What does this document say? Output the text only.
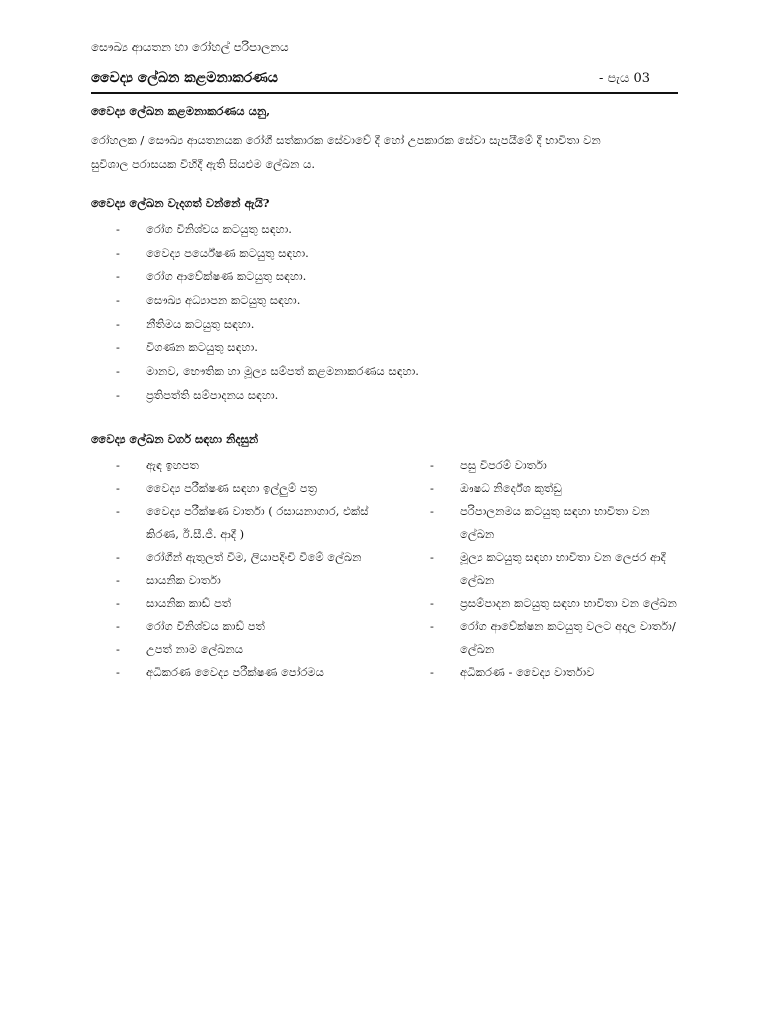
සෞඛ්‍ය ආයතන හා රෝහල් පරිපාලනය
වෛද්‍ය ලේඛන කළමනාකරණය	- පැය 03
වෛද්‍ය ලේඛන කළමනාකරණය යනු,

රෝහලක / සෞඛ්‍ය ආයතනයක රෝගී සත්කාරක සේවාවේ දී හෝ උපකාරක සේවා සැපයීමේ දී භාවිතා වන

සුවිශාල පරාසයක විහිදී ඇති සියළුම ලේඛන ය.

වෛද්‍ය ලේඛන වැදගත් වන්නේ ඇයි?
- රෝග විනිශ්චය කටයුතු සඳහා.
- වෛද්‍ය පර්යේෂණ කටයුතු සඳහා.
- රෝග ආවේක්ෂණ කටයුතු සඳහා.
- සෞඛ්‍ය අධ්‍යාපන කටයුතු සඳහා.
- නීතිමය කටයුතු සඳහා.
- විගණන කටයුතු සඳහා.
- මානව, භෞතික හා මූල්‍ය සම්පත් කළමනාකරණය සඳහා.
- ප්‍රතිපත්ති සම්පාදනය සඳහා.
වෛද්‍ය ලේඛන වර්ග සඳහා නිදසුන්
- ඇඳ ඉහපත
- වෛද්‍ය පරීක්ෂණ සඳහා ඉල්ලුම් පත්‍ර
- වෛද්‍ය පරීක්ෂණ වාර්තා ( රසායනාගාර, එක්ස් කිරණ, ඊ.සී.ජී. ආදී )
- රෝගීන් ඇතුලත් වීම, ලියාපදිංචි වීමේ ලේඛන
- සායනික වාර්තා
- සායනික කාඩ් පත්
- රෝග විනිශ්චය කාඩ් පත්
- උපත් නාම ලේඛනය
- අධිකරණ වෛද්‍ය පරීක්ෂණ පෝරමය
- පසු විපරම් වාර්තා
- ඖෂධ නිර්දේශ කුත්ඩු
- පරිපාලනමය කටයුතු සඳහා භාවිතා වන ලේඛන
- මූල්‍ය කටයුතු සඳහා භාවිතා වන ලෙජර ආදී ලේඛන
- ප්‍රසම්පාදන කටයුතු සඳහා භාවිතා වන ලේඛන
- රෝග ආවේක්ෂන කටයුතු වලට අදාල වාර්තා/ ලේඛන
- අධිකරණ - වෛද්‍ය වාර්තාව
